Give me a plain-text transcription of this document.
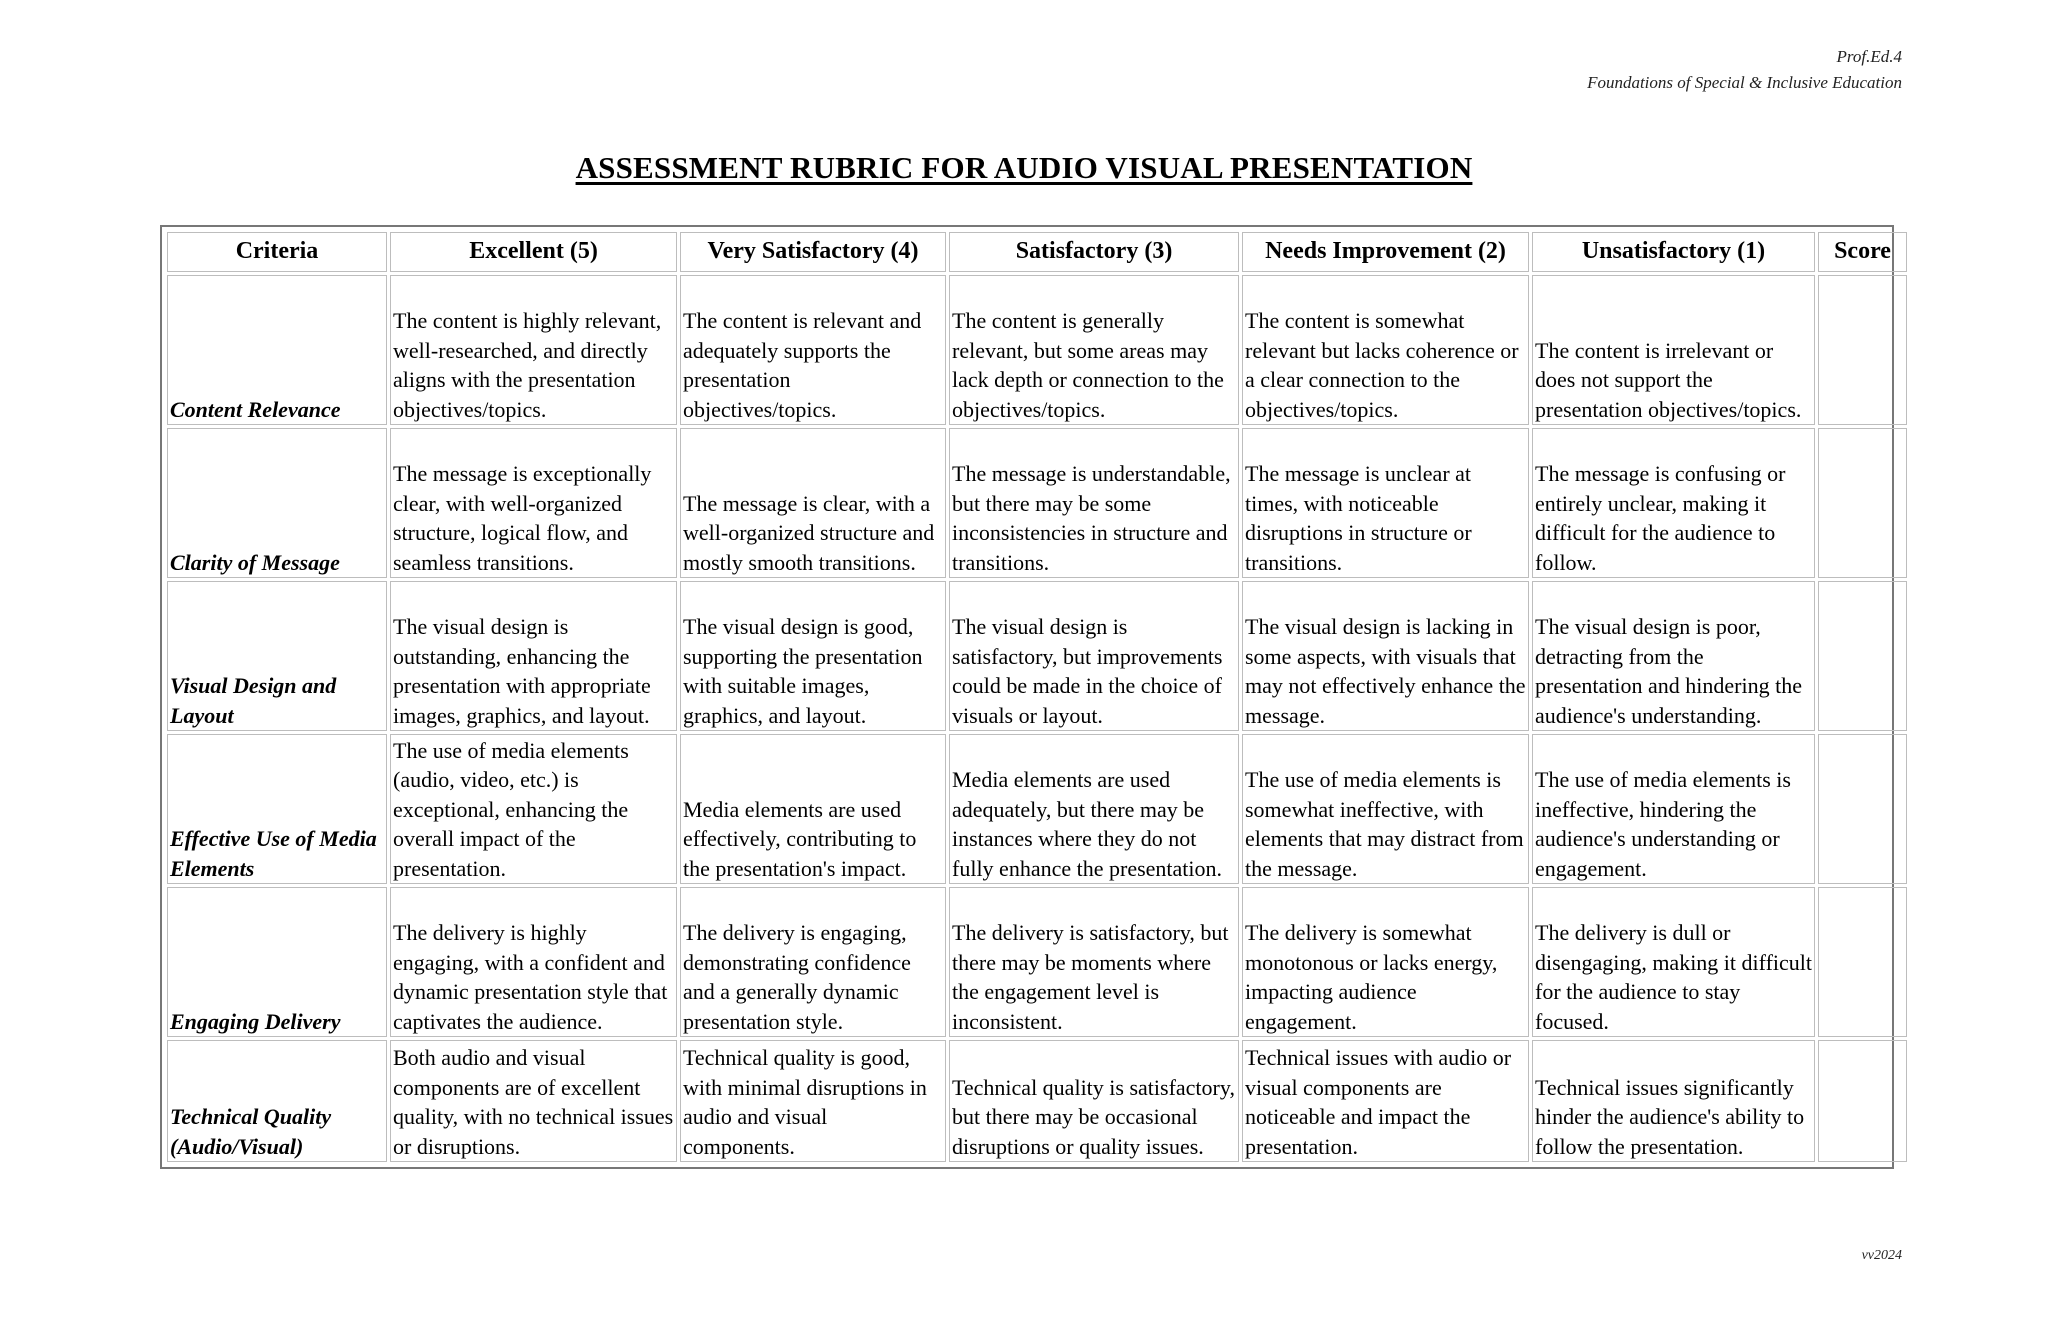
Prof.Ed.4
Foundations of Special & Inclusive Education
ASSESSMENT RUBRIC FOR AUDIO VISUAL PRESENTATION
Criteria	Excellent (5)	Very Satisfactory (4)	Satisfactory (3)	Needs Improvement (2)	Unsatisfactory (1)	Score
Content Relevance	The content is highly relevant, well-researched, and directly aligns with the presentation objectives/topics.	The content is relevant and adequately supports the presentation objectives/topics.	The content is generally relevant, but some areas may lack depth or connection to the objectives/topics.	The content is somewhat relevant but lacks coherence or a clear connection to the objectives/topics.	The content is irrelevant or does not support the presentation objectives/topics.	
Clarity of Message	The message is exceptionally clear, with well-organized structure, logical flow, and seamless transitions.	The message is clear, with a well-organized structure and mostly smooth transitions.	The message is understandable, but there may be some inconsistencies in structure and transitions.	The message is unclear at times, with noticeable disruptions in structure or transitions.	The message is confusing or entirely unclear, making it difficult for the audience to follow.	
Visual Design and Layout	The visual design is outstanding, enhancing the presentation with appropriate images, graphics, and layout.	The visual design is good, supporting the presentation with suitable images, graphics, and layout.	The visual design is satisfactory, but improvements could be made in the choice of visuals or layout.	The visual design is lacking in some aspects, with visuals that may not effectively enhance the message.	The visual design is poor, detracting from the presentation and hindering the audience's understanding.	
Effective Use of Media Elements	The use of media elements (audio, video, etc.) is exceptional, enhancing the overall impact of the presentation.	Media elements are used effectively, contributing to the presentation's impact.	Media elements are used adequately, but there may be instances where they do not fully enhance the presentation.	The use of media elements is somewhat ineffective, with elements that may distract from the message.	The use of media elements is ineffective, hindering the audience's understanding or engagement.	
Engaging Delivery	The delivery is highly engaging, with a confident and dynamic presentation style that captivates the audience.	The delivery is engaging, demonstrating confidence and a generally dynamic presentation style.	The delivery is satisfactory, but there may be moments where the engagement level is inconsistent.	The delivery is somewhat monotonous or lacks energy, impacting audience engagement.	The delivery is dull or disengaging, making it difficult for the audience to stay focused.	
Technical Quality (Audio/Visual)	Both audio and visual components are of excellent quality, with no technical issues or disruptions.	Technical quality is good, with minimal disruptions in audio and visual components.	Technical quality is satisfactory, but there may be occasional disruptions or quality issues.	Technical issues with audio or visual components are noticeable and impact the presentation.	Technical issues significantly hinder the audience's ability to follow the presentation.	
vv2024
